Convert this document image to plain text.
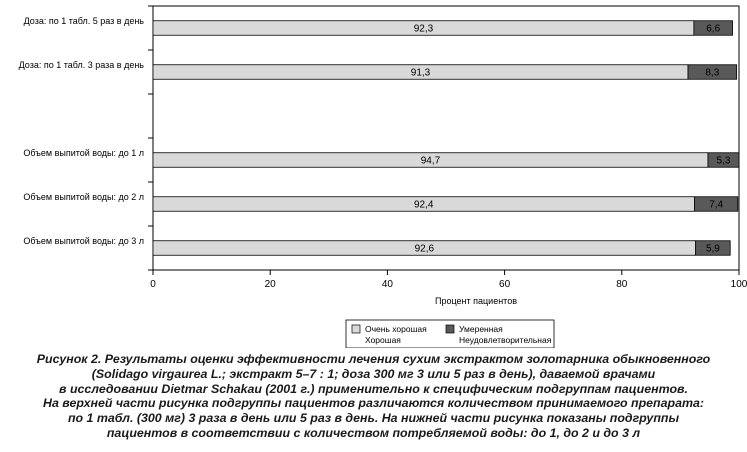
Доза: по 1 табл. 5 раз в день
92,3	6,6
Доза: по 1 табл. 3 раза в день
91,3	8,3
Объем выпитой воды: до 1 л
94,7	5,3
Объем выпитой воды: до 2 л
92,4	7,4
Объем выпитой воды: до 3 л
92,6	5,9
0	20	40	60	80	100
Процент пациентов
Очень хорошая
Хорошая
Умеренная
Неудовлетворительная
Рисунок 2. Результаты оценки эффективности лечения сухим экстрактом золотарника обыкновенного
(Solidago virgaurea L.; экстракт 5–7 : 1; доза 300 мг 3 или 5 раз в день), даваемой врачами
в исследовании Dietmar Schakau (2001 г.) применительно к специфическим подгруппам пациентов.
На верхней части рисунка подгруппы пациентов различаются количеством принимаемого препарата:
по 1 табл. (300 мг) 3 раза в день или 5 раз в день. На нижней части рисунка показаны подгруппы
пациентов в соответствии с количеством потребляемой воды: до 1, до 2 и до 3 л
